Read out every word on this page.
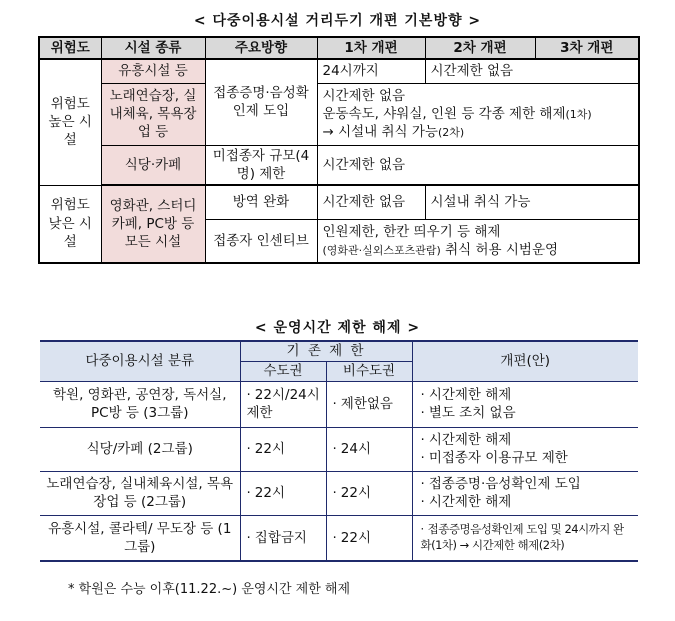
< 다중이용시설 거리두기 개편 기본방향 >
위험도	시설 종류	주요방향	1차 개편	2차 개편	3차 개편
위험도 높은 시설	유흥시설 등	접종증명·음성확인제 도입	24시까지	시간제한 없음	
	노래연습장, 실내체육, 목욕장업 등		시간제한 없음
운동속도, 샤워실, 인원 등 각종 제한 해제(1차)
→ 시설내 취식 가능(2차)		

	식당·카페	미접종자 규모(4명) 제한	시간제한 없음		
위험도 낮은 시설	영화관, 스터디카페, PC방 등 모든 시설	방역 완화	시간제한 없음	시설내 취식 가능	
		접종자 인센티브	인원제한, 한칸 띄우기 등 해제
(영화관·실외스포츠관람) 취식 허용 시범운영		
< 운영시간 제한 해제 >
다중이용시설 분류	기 존 제 한		개편(안)
	수도권	비수도권	
학원, 영화관, 공연장, 독서실, PC방 등 (3그룹)	· 22시/24시 제한	· 제한없음	· 시간제한 해제
· 별도 조치 없음

식당/카페 (2그룹)	· 22시	· 24시	· 시간제한 해제
· 미접종자 이용규모 제한

노래연습장, 실내체육시설, 목욕장업 등 (2그룹)	· 22시	· 22시	· 접종증명·음성확인제 도입
· 시간제한 해제

유흥시설, 콜라텍/ 무도장 등 (1그룹)	· 집합금지	· 22시	· 접종증명음성확인제 도입 및 24시까지 완화(1차) → 시간제한 해제(2차)
* 학원은 수능 이후(11.22.~) 운영시간 제한 해제
